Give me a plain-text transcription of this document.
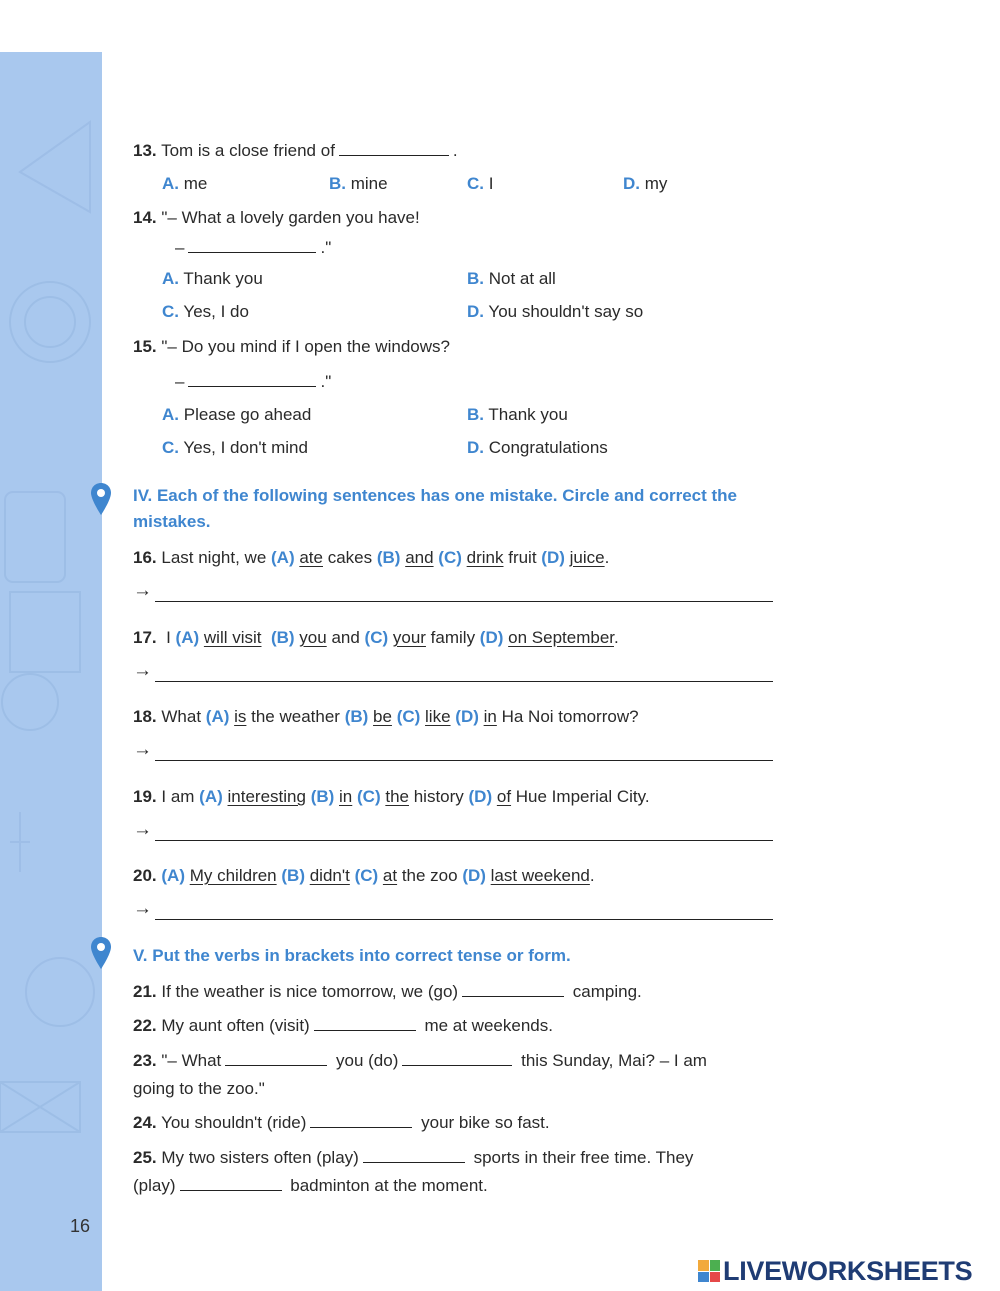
13. Tom is a close friend of	.
A. me	B. mine	C. I	D. my
14. "– What a lovely garden you have!
–	."
A. Thank you	B. Not at all
C. Yes, I do	D. You shouldn't say so
15. "– Do you mind if I open the windows?
–	."
A. Please go ahead	B. Thank you
C. Yes, I don't mind	D. Congratulations
IV. Each of the following sentences has one mistake. Circle and correct the
mistakes.
16. Last night, we (A) ate cakes (B) and (C) drink fruit (D) juice.
→
17.  I (A) will visit (B) you and (C) your family (D) on September.
→
18. What (A) is the weather (B) be (C) like (D) in Ha Noi tomorrow?
→
19. I am (A) interesting (B) in (C) the history (D) of Hue Imperial City.
→
20. (A) My children (B) didn't (C) at the zoo (D) last weekend.
→
V. Put the verbs in brackets into correct tense or form.
21. If the weather is nice tomorrow, we (go)	camping.
22. My aunt often (visit)	me at weekends.
23. "– What	you (do)	this Sunday, Mai? – I am
going to the zoo."
24. You shouldn't (ride)	your bike so fast.
25. My two sisters often (play)	sports in their free time. They
(play)	badminton at the moment.
16
LIVEWORKSHEETS
